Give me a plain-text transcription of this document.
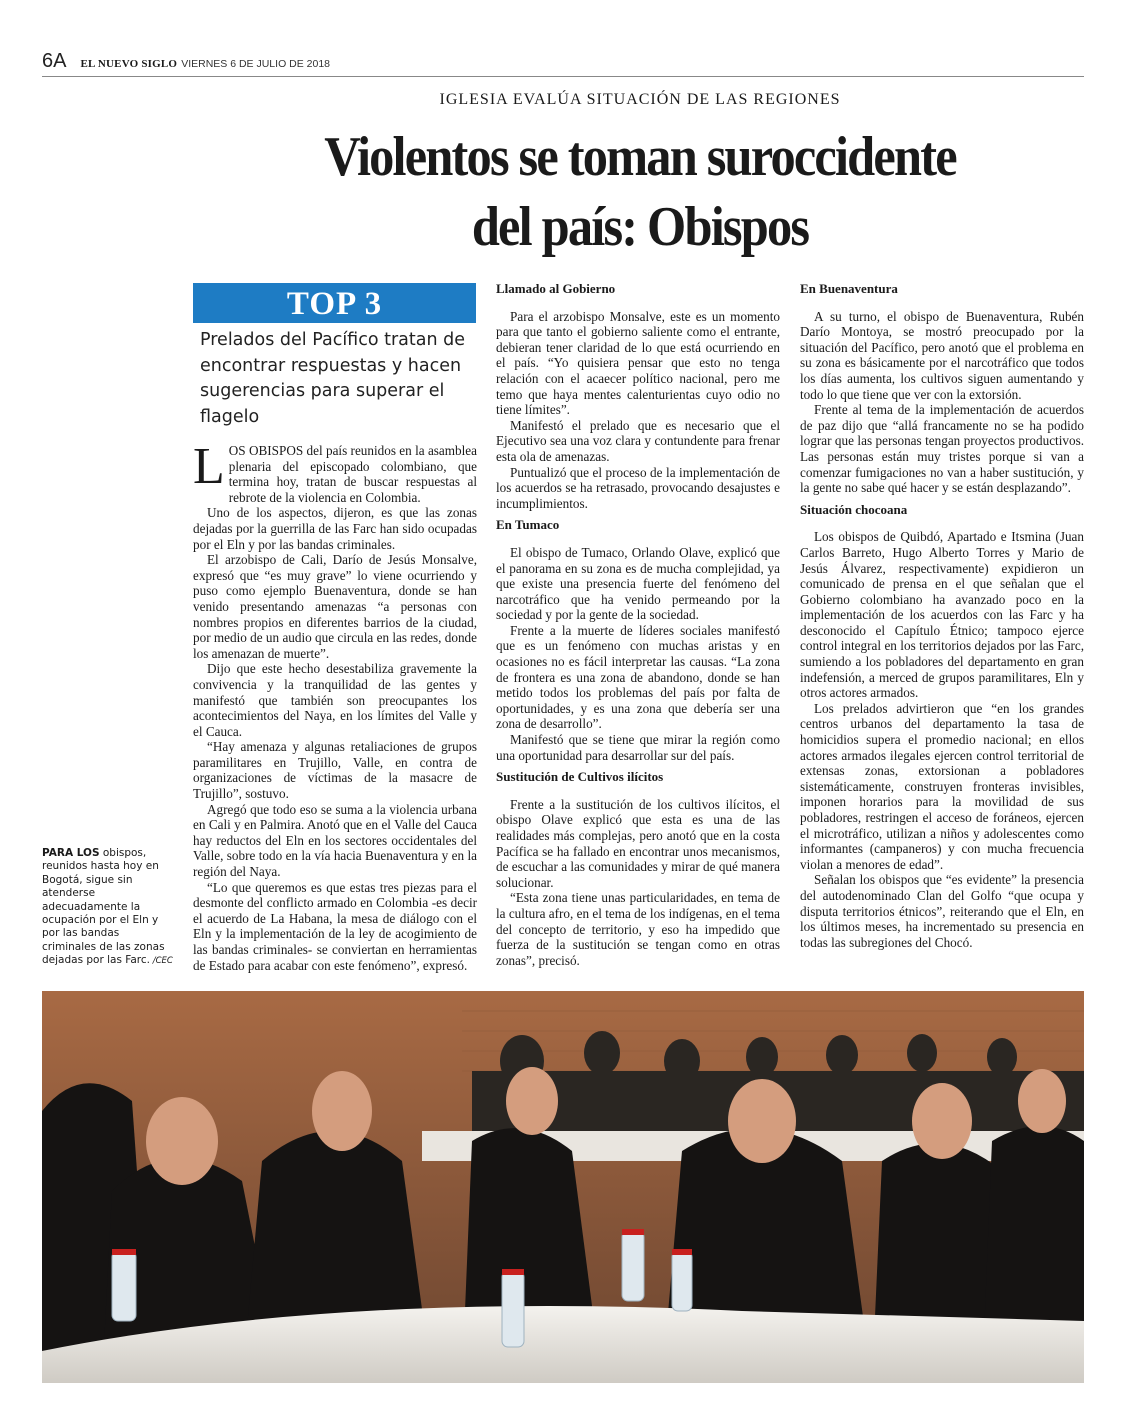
6A EL NUEVO SIGLO VIERNES 6 DE JULIO DE 2018
IGLESIA EVALÚA SITUACIÓN DE LAS REGIONES
Violentos se toman suroccidente
del país: Obispos
TOP 3
Prelados del Pacífico tratan de encontrar respuestas y hacen sugerencias para superar el flagelo

LOS OBISPOS del país reunidos en la asamblea plenaria del episcopado colombiano, que termina hoy, tratan de buscar respuestas al rebrote de la violencia en Colombia.

Uno de los aspectos, dijeron, es que las zonas dejadas por la guerrilla de las Farc han sido ocupadas por el Eln y por las bandas criminales.

El arzobispo de Cali, Darío de Jesús Monsalve, expresó que “es muy grave” lo viene ocurriendo y puso como ejemplo Buenaventura, donde se han venido presentando amenazas “a personas con nombres propios en diferentes barrios de la ciudad, por medio de un audio que circula en las redes, donde los amenazan de muerte”.

Dijo que este hecho desestabiliza gravemente la convivencia y la tranquilidad de las gentes y manifestó que también son preocupantes los acontecimientos del Naya, en los límites del Valle y el Cauca.

“Hay amenaza y algunas retaliaciones de grupos paramilitares en Trujillo, Valle, en contra de organizaciones de víctimas de la masacre de Trujillo”, sostuvo.

Agregó que todo eso se suma a la violencia urbana en Cali y en Palmira. Anotó que en el Valle del Cauca hay reductos del Eln en los sectores occidentales del Valle, sobre todo en la vía hacia Buenaventura y en la región del Naya.

“Lo que queremos es que estas tres piezas para el desmonte del conflicto armado en Colombia -es decir el acuerdo de La Habana, la mesa de diálogo con el Eln y la implementación de la ley de acogimiento de las bandas criminales- se conviertan en herramientas de Estado para acabar con este fenómeno”, expresó.

Llamado al Gobierno

Para el arzobispo Monsalve, este es un momento para que tanto el gobierno saliente como el entrante, debieran tener claridad de lo que está ocurriendo en el país. “Yo quisiera pensar que esto no tenga relación con el acaecer político nacional, pero me temo que haya mentes calenturientas cuyo odio no tiene límites”.

Manifestó el prelado que es necesario que el Ejecutivo sea una voz clara y contundente para frenar esta ola de amenazas.

Puntualizó que el proceso de la implementación de los acuerdos se ha retrasado, provocando desajustes e incumplimientos.

En Tumaco

El obispo de Tumaco, Orlando Olave, explicó que el panorama en su zona es de mucha complejidad, ya que existe una presencia fuerte del fenómeno del narcotráfico que ha venido permeando por la sociedad y por la gente de la sociedad.

Frente a la muerte de líderes sociales manifestó que es un fenómeno con muchas aristas y en ocasiones no es fácil interpretar las causas. “La zona de frontera es una zona de abandono, donde se han metido todos los problemas del país por falta de oportunidades, y es una zona que debería ser una zona de desarrollo”.

Manifestó que se tiene que mirar la región como una oportunidad para desarrollar sur del país.

Sustitución de Cultivos ilícitos

Frente a la sustitución de los cultivos ilícitos, el obispo Olave explicó que esta es una de las realidades más complejas, pero anotó que en la costa Pacífica se ha fallado en encontrar unos mecanismos, de escuchar a las comunidades y mirar de qué manera solucionar.

“Esta zona tiene unas particularidades, en tema de la cultura afro, en el tema de los indígenas, en el tema del concepto de territorio, y eso ha impedido que fuerza de la sustitución se tengan como en otras zonas”, precisó.

En Buenaventura

A su turno, el obispo de Buenaventura, Rubén Darío Montoya, se mostró preocupado por la situación del Pacífico, pero anotó que el problema en su zona es básicamente por el narcotráfico que todos los días aumenta, los cultivos siguen aumentando y todo lo que tiene que ver con la extorsión.

Frente al tema de la implementación de acuerdos de paz dijo que “allá francamente no se ha podido lograr que las personas tengan proyectos productivos. Las personas están muy tristes porque si van a comenzar fumigaciones no van a haber sustitución, y la gente no sabe qué hacer y se están desplazando”.

Situación chocoana

Los obispos de Quibdó, Apartado e Itsmina (Juan Carlos Barreto, Hugo Alberto Torres y Mario de Jesús Álvarez, respectivamente) expidieron un comunicado de prensa en el que señalan que el Gobierno colombiano ha avanzado poco en la implementación de los acuerdos con las Farc y ha desconocido el Capítulo Étnico; tampoco ejerce control integral en los territorios dejados por las Farc, sumiendo a los pobladores del departamento en gran indefensión, a merced de grupos paramilitares, Eln y otros actores armados.

Los prelados advirtieron que “en los grandes centros urbanos del departamento la tasa de homicidios supera el promedio nacional; en ellos actores armados ilegales ejercen control territorial de extensas zonas, extorsionan a pobladores sistemáticamente, construyen fronteras invisibles, imponen horarios para la movilidad de sus pobladores, restringen el acceso de foráneos, ejercen el microtráfico, utilizan a niños y adolescentes como informantes (campaneros) y con mucha frecuencia violan a menores de edad”.

Señalan los obispos que “es evidente” la presencia del autodenominado Clan del Golfo “que ocupa y disputa territorios étnicos”, reiterando que el Eln, en los últimos meses, ha incrementado su presencia en todas las subregiones del Chocó.

PARA LOS obispos, reunidos hasta hoy en Bogotá, sigue sin atenderse adecuadamente la ocupación por el Eln y por las bandas criminales de las zonas dejadas por las Farc. /CEC
